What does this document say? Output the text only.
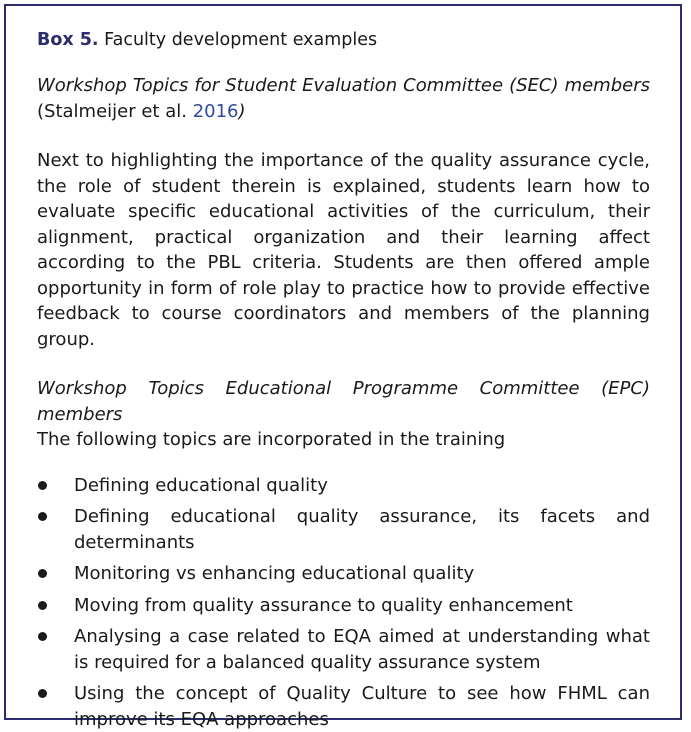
Box 5. Faculty development examples

Workshop Topics for Student Evaluation Committee (SEC) members (Stalmeijer et al. 2016)

Next to highlighting the importance of the quality assurance cycle, the role of student therein is explained, students learn how to evaluate specific educational activities of the curriculum, their alignment, practical organization and their learning affect according to the PBL criteria. Students are then offered ample opportunity in form of role play to practice how to provide effective feedback to course coordinators and members of the planning group.

Workshop Topics Educational Programme Committee (EPC) members

The following topics are incorporated in the training

Defining educational quality
Defining educational quality assurance, its facets and determinants
Monitoring vs enhancing educational quality
Moving from quality assurance to quality enhancement
Analysing a case related to EQA aimed at understanding what is required for a balanced quality assurance system
Using the concept of Quality Culture to see how FHML can improve its EQA approaches
